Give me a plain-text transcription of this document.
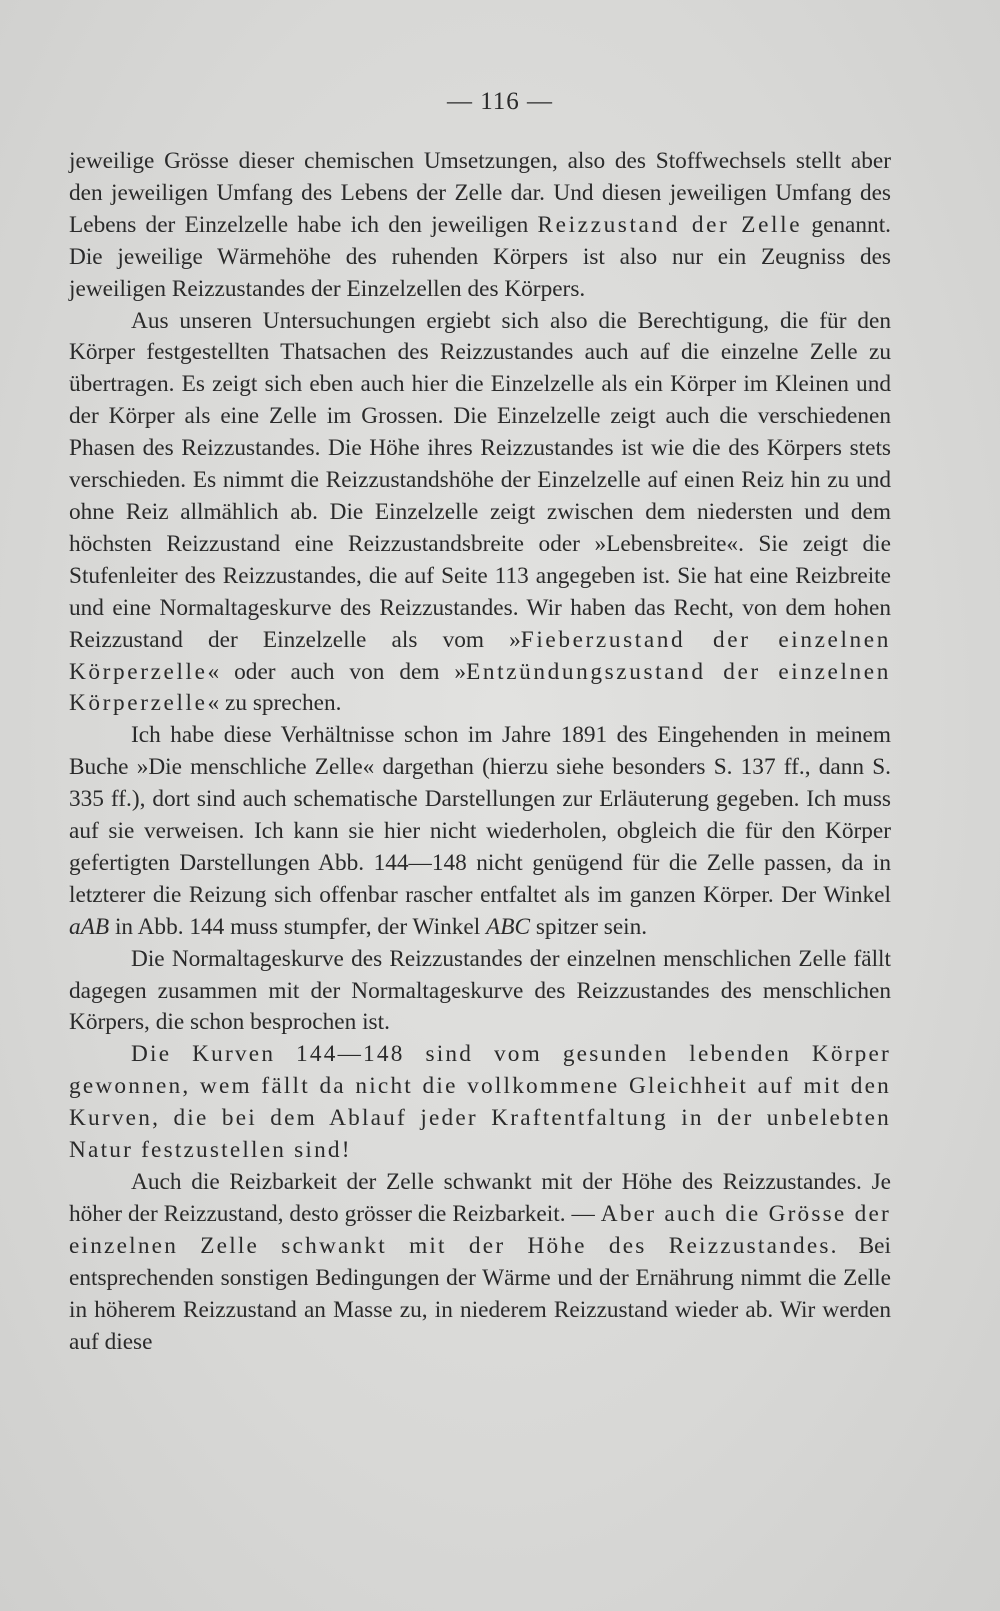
— 116 —

jeweilige Grösse dieser chemischen Umsetzungen, also des Stoffwechsels stellt aber den jeweiligen Umfang des Lebens der Zelle dar. Und diesen jeweiligen Umfang des Lebens der Einzelzelle habe ich den jeweiligen Reizzustand der Zelle genannt. Die jeweilige Wärmehöhe des ruhenden Körpers ist also nur ein Zeugniss des jeweiligen Reizzustandes der Einzelzellen des Körpers.

Aus unseren Untersuchungen ergiebt sich also die Berechtigung, die für den Körper festgestellten Thatsachen des Reizzustandes auch auf die einzelne Zelle zu übertragen. Es zeigt sich eben auch hier die Einzelzelle als ein Körper im Kleinen und der Körper als eine Zelle im Grossen. Die Einzelzelle zeigt auch die verschiedenen Phasen des Reizzustandes. Die Höhe ihres Reizzustandes ist wie die des Körpers stets verschieden. Es nimmt die Reizzustandshöhe der Einzelzelle auf einen Reiz hin zu und ohne Reiz allmählich ab. Die Einzelzelle zeigt zwischen dem niedersten und dem höchsten Reizzustand eine Reizzustandsbreite oder »Lebensbreite«. Sie zeigt die Stufenleiter des Reizzustandes, die auf Seite 113 angegeben ist. Sie hat eine Reizbreite und eine Normaltageskurve des Reizzustandes. Wir haben das Recht, von dem hohen Reizzustand der Einzelzelle als vom »Fieberzustand der einzelnen Körperzelle« oder auch von dem »Entzündungszustand der einzelnen Körperzelle« zu sprechen.

Ich habe diese Verhältnisse schon im Jahre 1891 des Eingehenden in meinem Buche »Die menschliche Zelle« dargethan (hierzu siehe besonders S. 137 ff., dann S. 335 ff.), dort sind auch schematische Darstellungen zur Erläuterung gegeben. Ich muss auf sie verweisen. Ich kann sie hier nicht wiederholen, obgleich die für den Körper gefertigten Darstellungen Abb. 144—148 nicht genügend für die Zelle passen, da in letzterer die Reizung sich offenbar rascher entfaltet als im ganzen Körper. Der Winkel aAB in Abb. 144 muss stumpfer, der Winkel ABC spitzer sein.

Die Normaltageskurve des Reizzustandes der einzelnen menschlichen Zelle fällt dagegen zusammen mit der Normaltageskurve des Reizzustandes des menschlichen Körpers, die schon besprochen ist.

Die Kurven 144—148 sind vom gesunden lebenden Körper gewonnen, wem fällt da nicht die vollkommene Gleichheit auf mit den Kurven, die bei dem Ablauf jeder Kraftentfaltung in der unbelebten Natur festzustellen sind!

Auch die Reizbarkeit der Zelle schwankt mit der Höhe des Reizzustandes. Je höher der Reizzustand, desto grösser die Reizbarkeit. — Aber auch die Grösse der einzelnen Zelle schwankt mit der Höhe des Reizzustandes. Bei entsprechenden sonstigen Bedingungen der Wärme und der Ernährung nimmt die Zelle in höherem Reizzustand an Masse zu, in niederem Reizzustand wieder ab. Wir werden auf diese
